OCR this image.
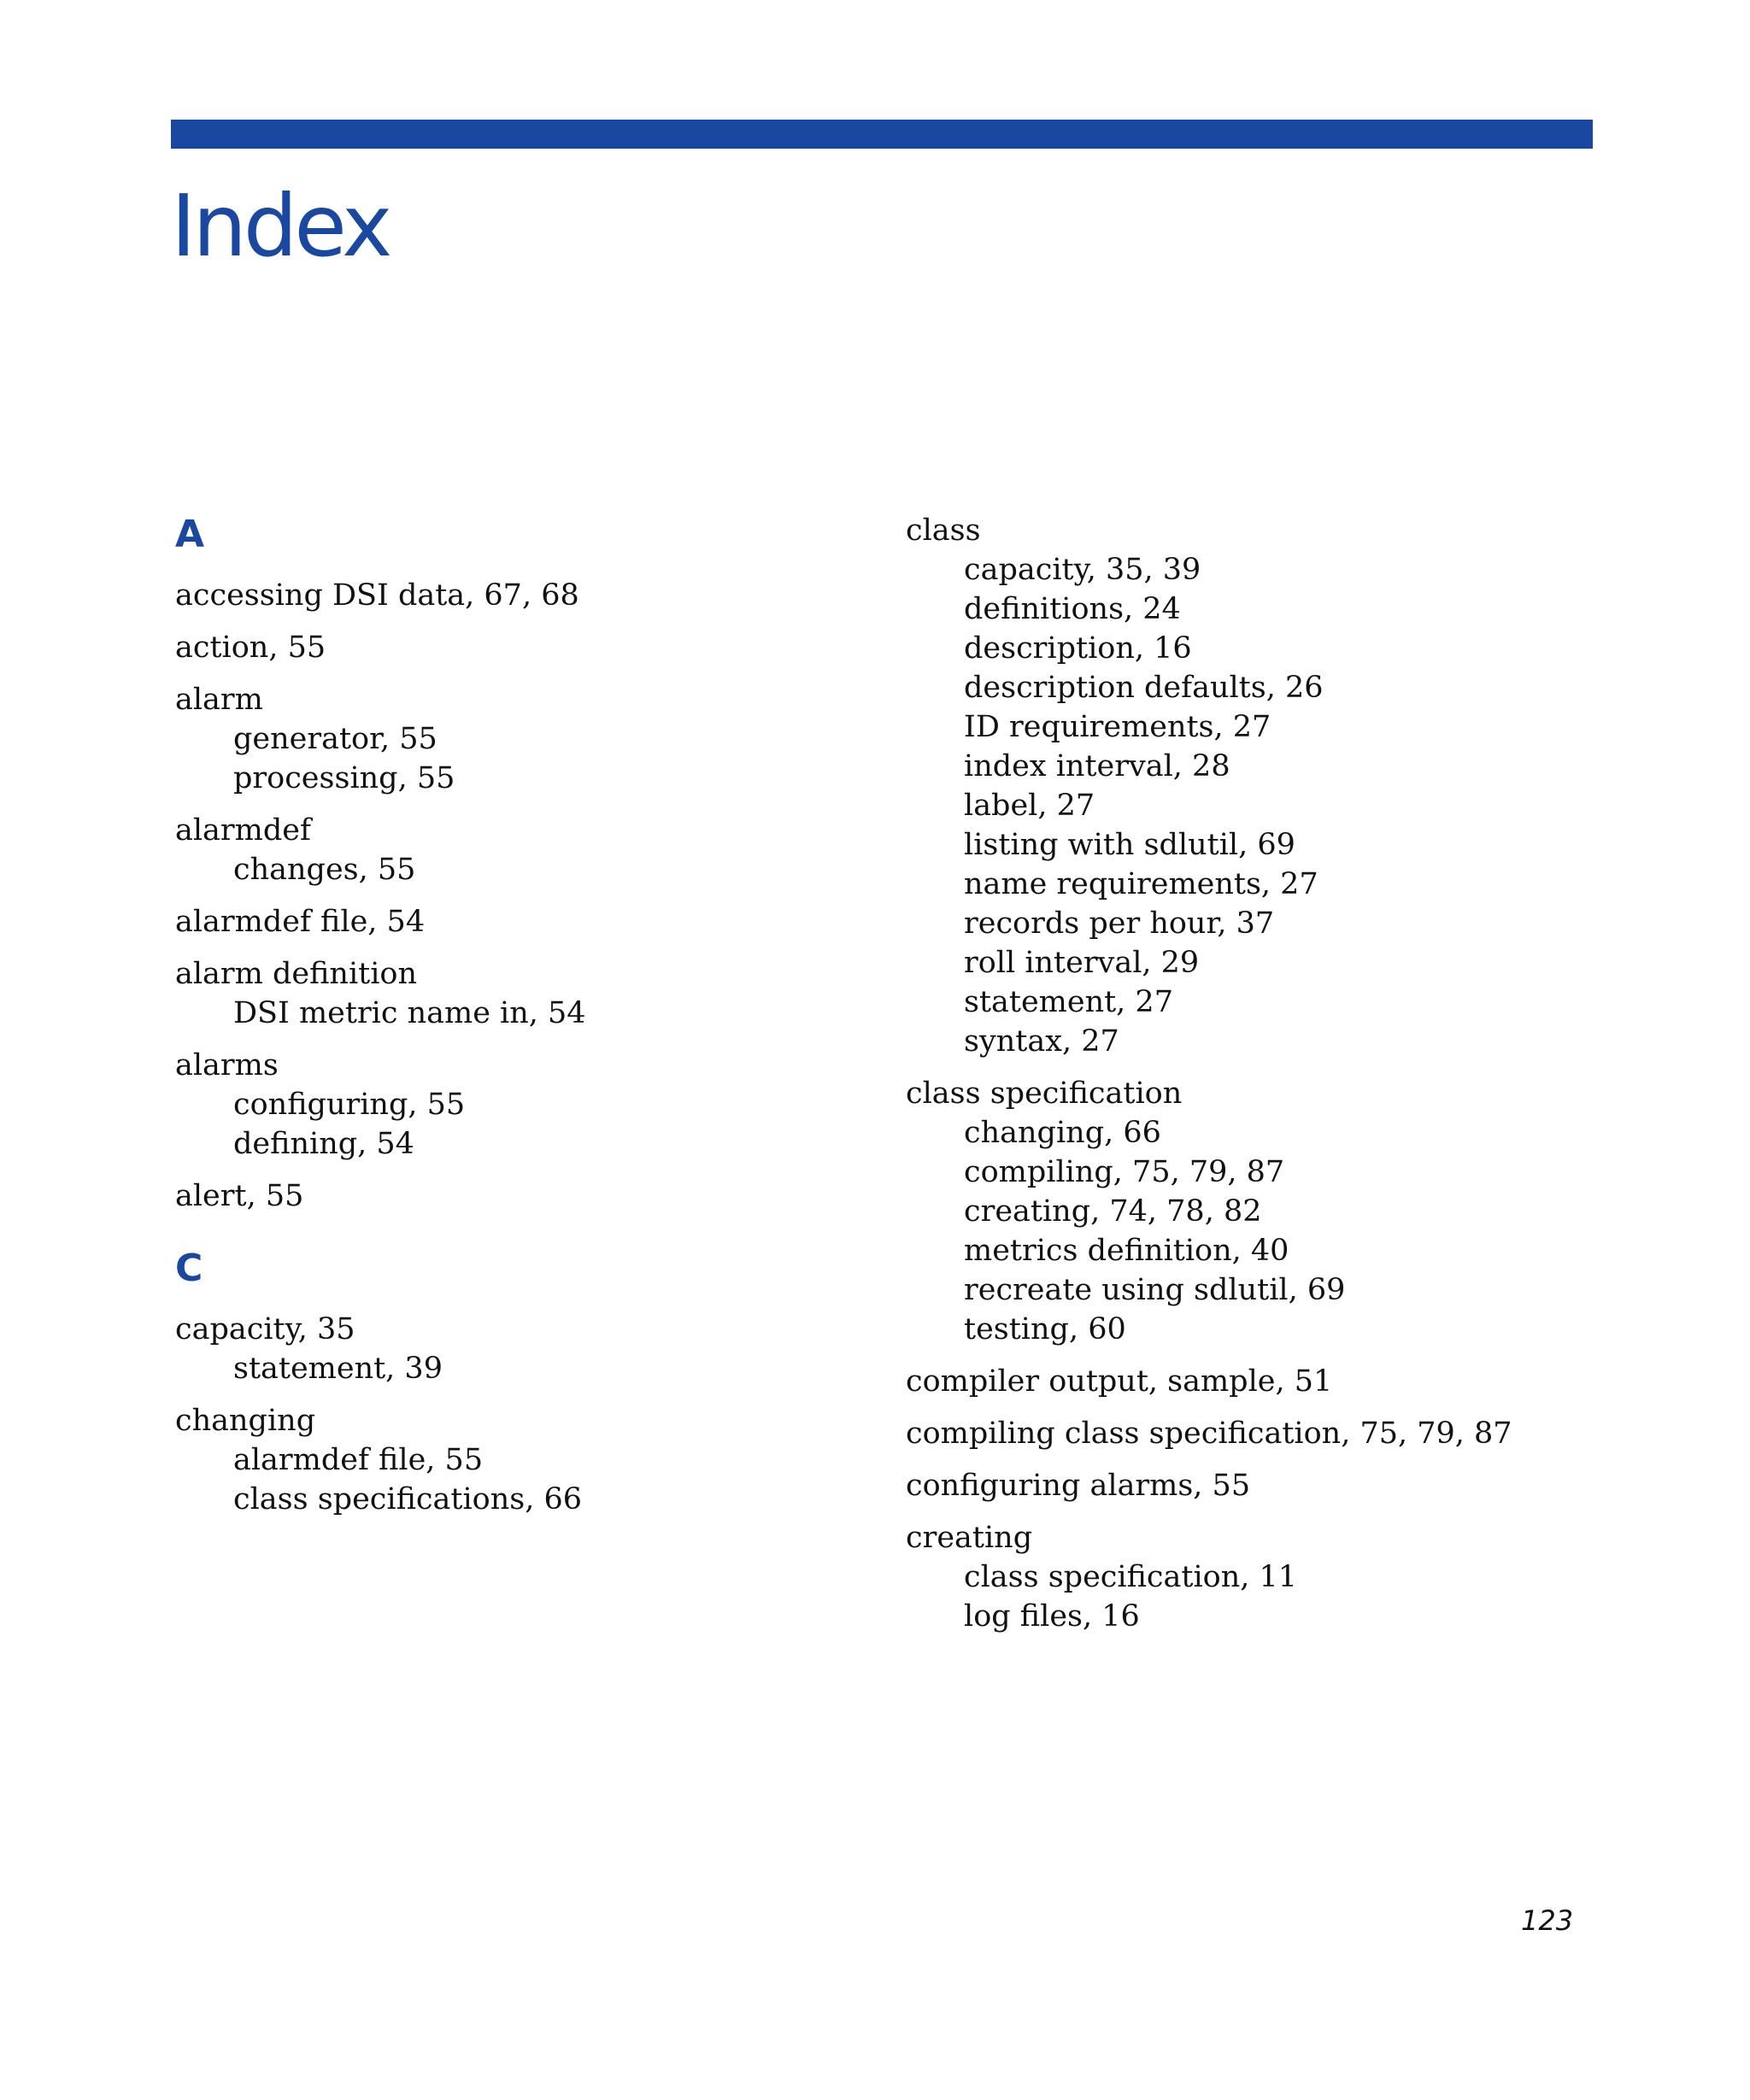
Index
A
accessing DSI data, 67, 68
action, 55
alarm
generator, 55
processing, 55
alarmdef
changes, 55
alarmdef file, 54
alarm definition
DSI metric name in, 54
alarms
configuring, 55
defining, 54
alert, 55
C
capacity, 35
statement, 39
changing
alarmdef file, 55
class specifications, 66
class
capacity, 35, 39
definitions, 24
description, 16
description defaults, 26
ID requirements, 27
index interval, 28
label, 27
listing with sdlutil, 69
name requirements, 27
records per hour, 37
roll interval, 29
statement, 27
syntax, 27
class specification
changing, 66
compiling, 75, 79, 87
creating, 74, 78, 82
metrics definition, 40
recreate using sdlutil, 69
testing, 60
compiler output, sample, 51
compiling class specification, 75, 79, 87
configuring alarms, 55
creating
class specification, 11
log files, 16
123
